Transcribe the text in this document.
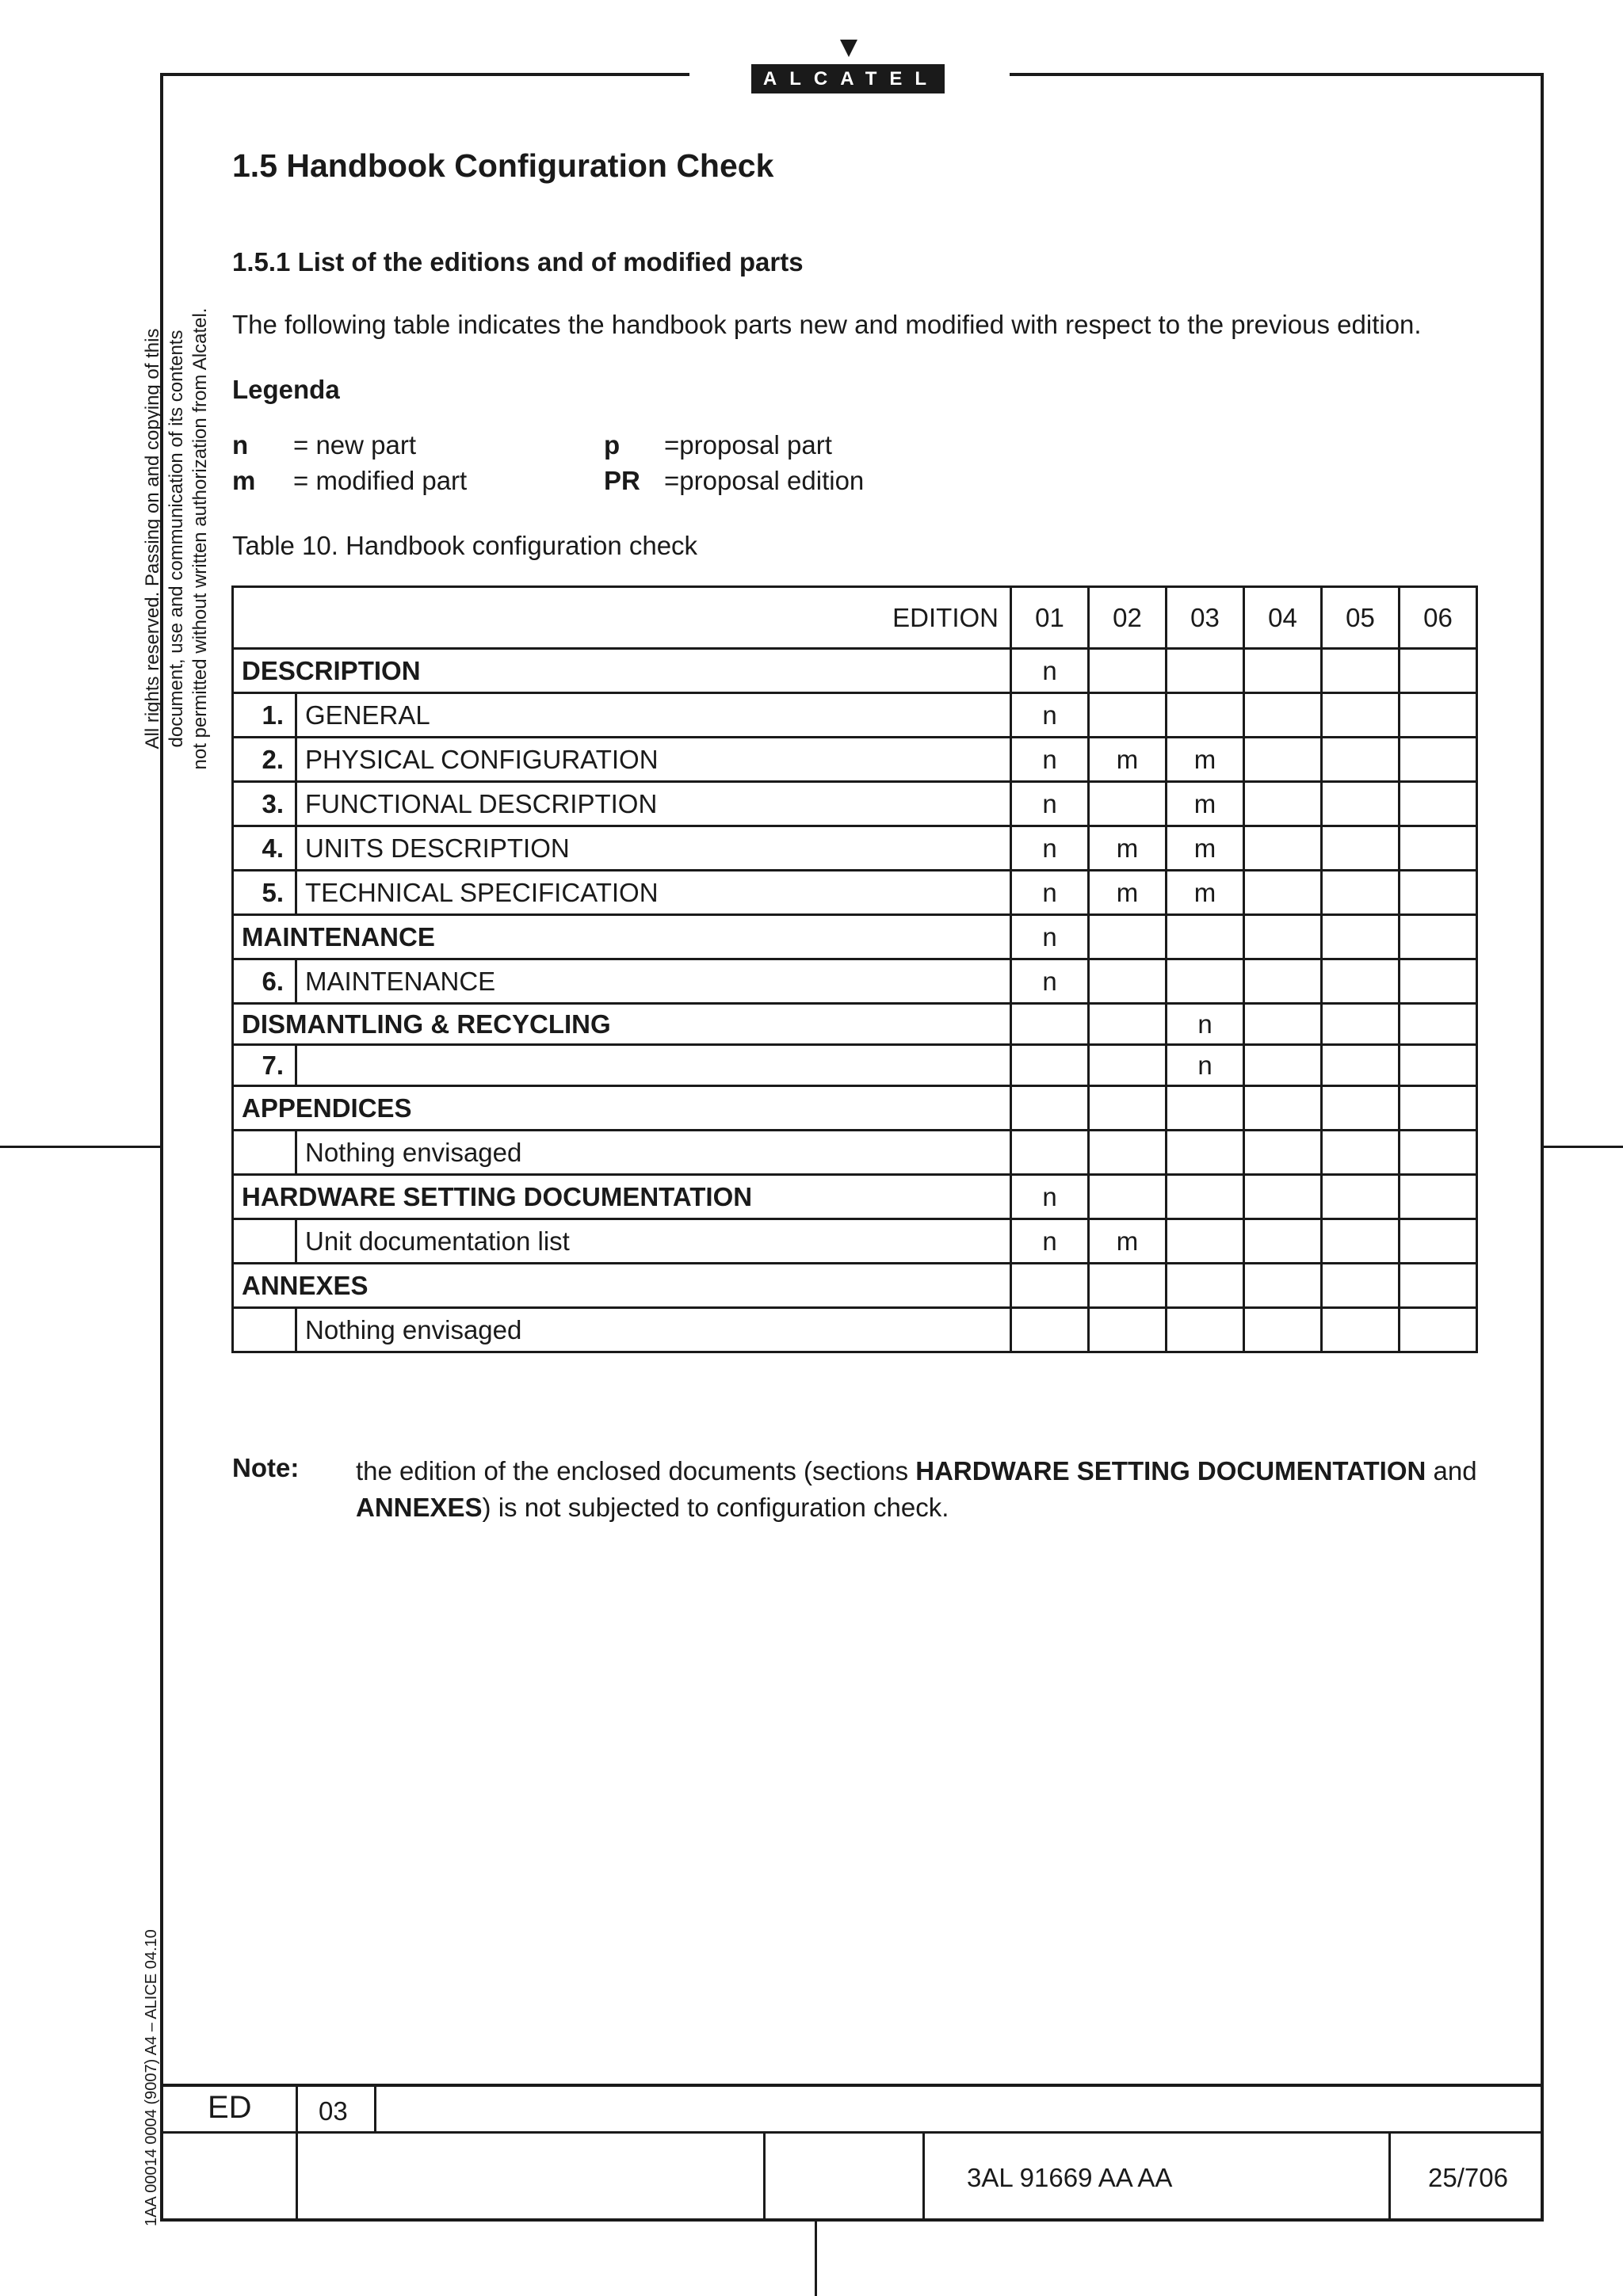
ALCATEL
All rights reserved. Passing on and copying of this document, use and communication of its contents not permitted without written authorization from Alcatel.
1AA 00014 0004 (9007) A4 – ALICE 04.10
1.5 Handbook Configuration Check
1.5.1 List of the editions and of modified parts
The following table indicates the handbook parts new and modified with respect to the previous edition.
Legenda
n = new part
m = modified part
p =proposal part
PR =proposal edition
Table 10. Handbook configuration check
EDITION		01	02	03	04	05	06
DESCRIPTION		n					
1.	GENERAL	n					
2.	PHYSICAL CONFIGURATION	n	m	m			
3.	FUNCTIONAL DESCRIPTION	n		m			
4.	UNITS DESCRIPTION	n	m	m			
5.	TECHNICAL SPECIFICATION	n	m	m			
MAINTENANCE		n					
6.	MAINTENANCE	n					
DISMANTLING & RECYCLING				n			
7.				n			
APPENDICES							
	Nothing envisaged						
HARDWARE SETTING DOCUMENTATION		n					
	Unit documentation list	n	m				
ANNEXES							
	Nothing envisaged						
Note: the edition of the enclosed documents (sections HARDWARE SETTING DOCUMENTATION and ANNEXES) is not subjected to configuration check.
ED	03
3AL 91669 AA AA	25/706
